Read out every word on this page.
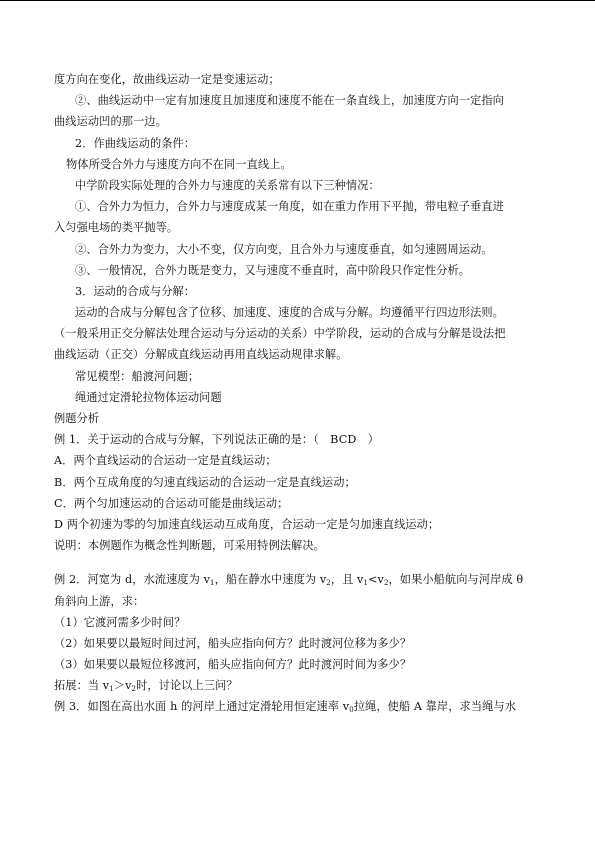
度方向在变化，故曲线运动一定是变速运动；
②、曲线运动中一定有加速度且加速度和速度不能在一条直线上，加速度方向一定指向
曲线运动凹的那一边。
2．作曲线运动的条件：
物体所受合外力与速度方向不在同一直线上。
中学阶段实际处理的合外力与速度的关系常有以下三种情况：
①、合外力为恒力，合外力与速度成某一角度，如在重力作用下平抛，带电粒子垂直进
入匀强电场的类平抛等。
②、合外力为变力，大小不变，仅方向变，且合外力与速度垂直，如匀速圆周运动。
③、一般情况，合外力既是变力，又与速度不垂直时，高中阶段只作定性分析。
3．运动的合成与分解：
运动的合成与分解包含了位移、加速度、速度的合成与分解。均遵循平行四边形法则。
（一般采用正交分解法处理合运动与分运动的关系）中学阶段，运动的合成与分解是设法把
曲线运动（正交）分解成直线运动再用直线运动规律求解。
常见模型：船渡河问题；
绳通过定滑轮拉物体运动问题
例题分析
例 1．关于运动的合成与分解，下列说法正确的是：（　BCD　）
A．两个直线运动的合运动一定是直线运动；
B．两个互成角度的匀速直线运动的合运动一定是直线运动；
C．两个匀加速运动的合运动可能是曲线运动；
D 两个初速为零的匀加速直线运动互成角度，合运动一定是匀加速直线运动；
说明：本例题作为概念性判断题，可采用特例法解决。
例 2．河宽为 d，水流速度为 $v_1$，船在静水中速度为 $v_2$，且 $v_1<v_2$，如果小船航向与河岸成 θ
角斜向上游，求：
（1）它渡河需多少时间？
（2）如果要以最短时间过河，船头应指向何方？此时渡河位移为多少？
（3）如果要以最短位移渡河，船头应指向何方？此时渡河时间为多少？
拓展：当 $v_1>v_2$时，讨论以上三问？
例 3．如图在高出水面 h 的河岸上通过定滑轮用恒定速率 $v_0$拉绳，使船 A 靠岸，求当绳与水
